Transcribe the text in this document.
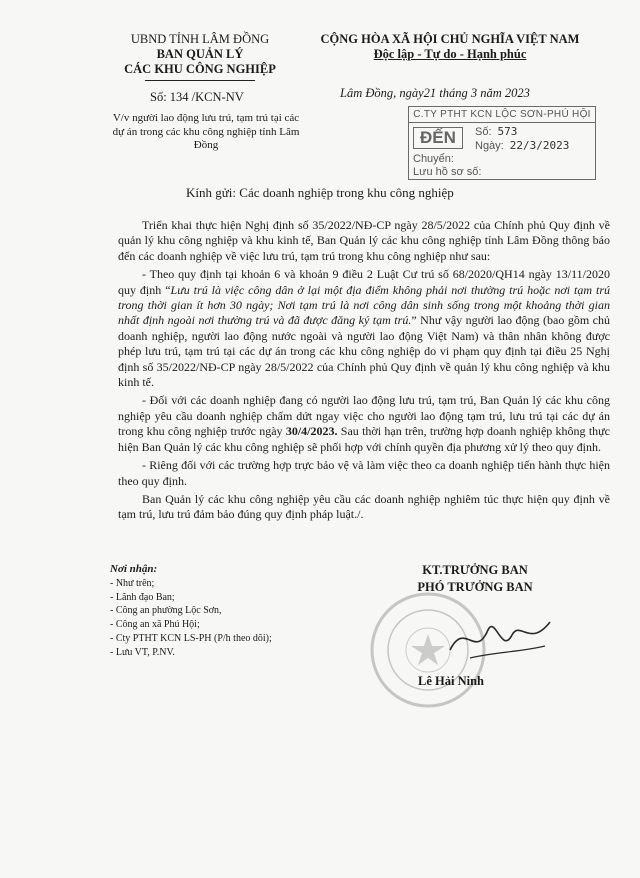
UBND TỈNH LÂM ĐỒNG
BAN QUẢN LÝ
CÁC KHU CÔNG NGHIỆP
CỘNG HÒA XÃ HỘI CHỦ NGHĨA VIỆT NAM
Độc lập - Tự do - Hạnh phúc
Số: 134 /KCN-NV
V/v người lao động lưu trú, tạm trú tại các dự án trong các khu công nghiệp tỉnh Lâm Đồng
Lâm Đồng, ngày21 tháng 3 năm 2023
C.TY PTHT KCN LỘC SƠN-PHÚ HỘI
ĐẾN	Số: 573
Ngày: 22/3/2023
Chuyển:
Lưu hồ sơ số:
Kính gửi: Các doanh nghiệp trong khu công nghiệp

Triển khai thực hiện Nghị định số 35/2022/NĐ-CP ngày 28/5/2022 của Chính phủ Quy định về quản lý khu công nghiệp và khu kinh tế, Ban Quản lý các khu công nghiệp tỉnh Lâm Đồng thông báo đến các doanh nghiệp về việc lưu trú, tạm trú trong khu công nghiệp như sau:

- Theo quy định tại khoản 6 và khoản 9 điều 2 Luật Cư trú số 68/2020/QH14 ngày 13/11/2020 quy định “Lưu trú là việc công dân ở lại một địa điểm không phải nơi thường trú hoặc nơi tạm trú trong thời gian ít hơn 30 ngày; Nơi tạm trú là nơi công dân sinh sống trong một khoảng thời gian nhất định ngoài nơi thường trú và đã được đăng ký tạm trú.” Như vậy người lao động (bao gồm chủ doanh nghiệp, người lao động nước ngoài và người lao động Việt Nam) và thân nhân không được phép lưu trú, tạm trú tại các dự án trong các khu công nghiệp do vi phạm quy định tại điều 25 Nghị định số 35/2022/NĐ-CP ngày 28/5/2022 của Chính phủ Quy định về quản lý khu công nghiệp và khu kinh tế.

- Đối với các doanh nghiệp đang có người lao động lưu trú, tạm trú, Ban Quản lý các khu công nghiệp yêu cầu doanh nghiệp chấm dứt ngay việc cho người lao động tạm trú, lưu trú tại các dự án trong khu công nghiệp trước ngày 30/4/2023. Sau thời hạn trên, trường hợp doanh nghiệp không thực hiện Ban Quản lý các khu công nghiệp sẽ phối hợp với chính quyền địa phương xử lý theo quy định.

- Riêng đối với các trường hợp trực bảo vệ và làm việc theo ca doanh nghiệp tiến hành thực hiện theo quy định.

Ban Quản lý các khu công nghiệp yêu cầu các doanh nghiệp nghiêm túc thực hiện quy định về tạm trú, lưu trú đảm bảo đúng quy định pháp luật./.

Nơi nhận:
- Như trên;
- Lãnh đạo Ban;
- Công an phường Lộc Sơn,
- Công an xã Phú Hội;
- Cty PTHT KCN LS-PH (P/h theo dõi);
- Lưu VT, P.NV.
KT.TRƯỞNG BAN
PHÓ TRƯỞNG BAN
Lê Hải Ninh
